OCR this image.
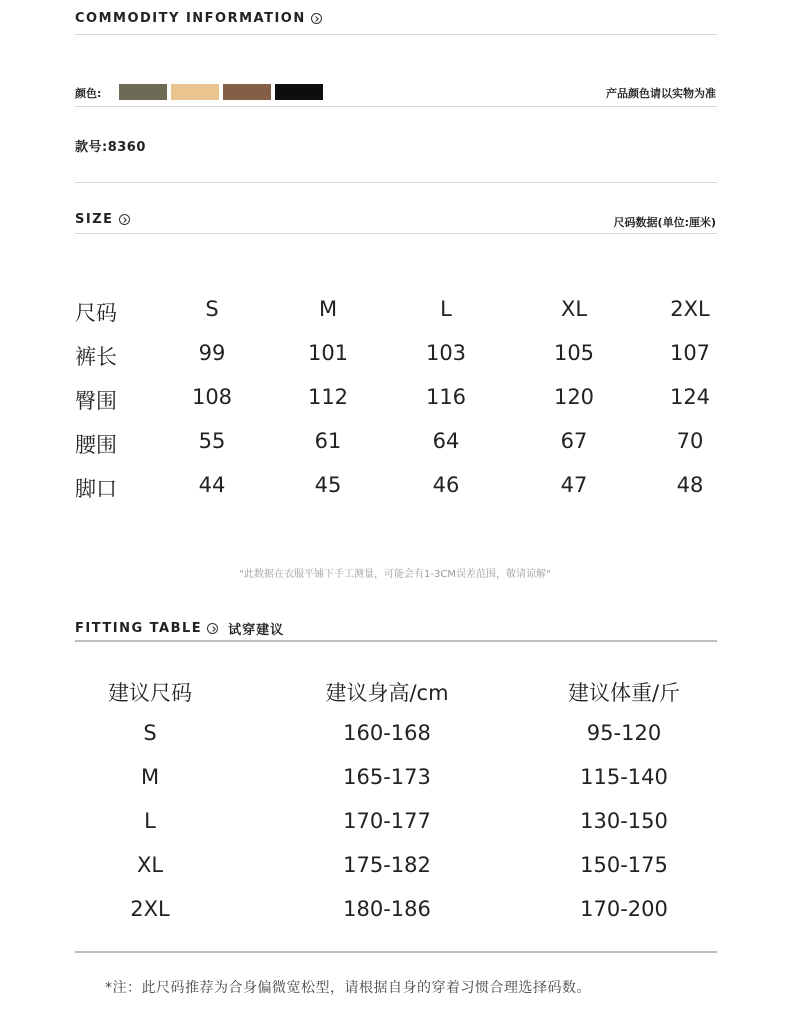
COMMODITY INFORMATION
颜色:	产品颜色请以实物为准
款号:8360
SIZE	尺码数据(单位:厘米)
尺码	S	M	L	XL	2XL
裤长	99	101	103	105	107
臀围	108	112	116	120	124
腰围	55	61	64	67	70
脚口	44	45	46	47	48
"此数据在衣服平铺下手工测量，可能会有1-3CM误差范围，敬请谅解"
FITTING TABLE 试穿建议
建议尺码	建议身高/cm	建议体重/斤
S	160-168	95-120
M	165-173	115-140
L	170-177	130-150
XL	175-182	150-175
2XL	180-186	170-200
*注：此尺码推荐为合身偏微宽松型，请根据自身的穿着习惯合理选择码数。
